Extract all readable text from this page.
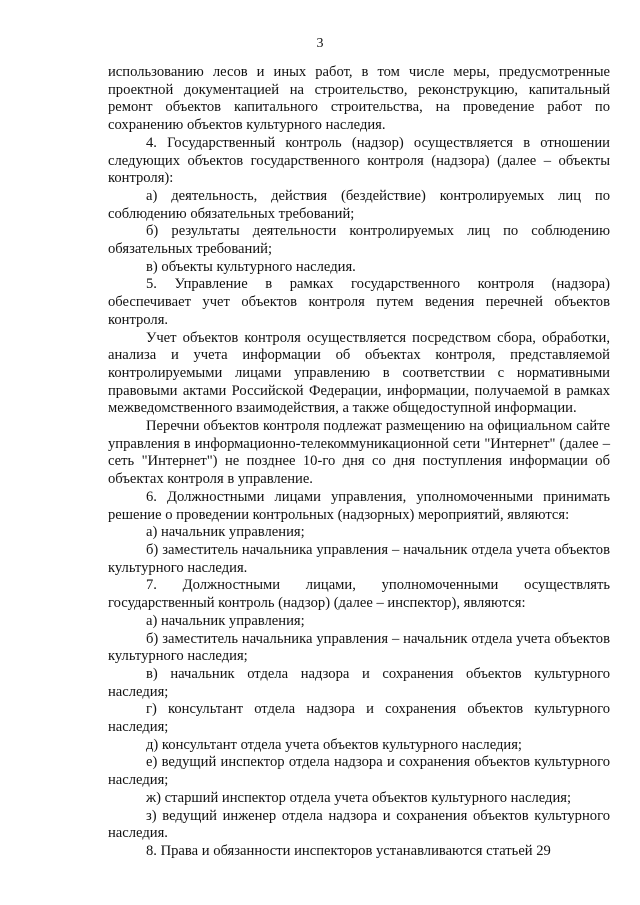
3

использованию лесов и иных работ, в том числе меры, предусмотренные проектной документацией на строительство, реконструкцию, капитальный ремонт объектов капитального строительства, на проведение работ по сохранению объектов культурного наследия.

4. Государственный контроль (надзор) осуществляется в отношении следующих объектов государственного контроля (надзора) (далее – объекты контроля):

а) деятельность, действия (бездействие) контролируемых лиц по соблюдению обязательных требований;

б) результаты деятельности контролируемых лиц по соблюдению обязательных требований;

в) объекты культурного наследия.

5. Управление в рамках государственного контроля (надзора) обеспечивает учет объектов контроля путем ведения перечней объектов контроля.

Учет объектов контроля осуществляется посредством сбора, обработки, анализа и учета информации об объектах контроля, представляемой контролируемыми лицами управлению в соответствии с нормативными правовыми актами Российской Федерации, информации, получаемой в рамках межведомственного взаимодействия, а также общедоступной информации.

Перечни объектов контроля подлежат размещению на официальном сайте управления в информационно-телекоммуникационной сети "Интернет" (далее – сеть "Интернет") не позднее 10-го дня со дня поступления информации об объектах контроля в управление.

6. Должностными лицами управления, уполномоченными принимать решение о проведении контрольных (надзорных) мероприятий, являются:

а) начальник управления;

б) заместитель начальника управления – начальник отдела учета объектов культурного наследия.

7. Должностными лицами, уполномоченными осуществлять государственный контроль (надзор) (далее – инспектор), являются:

а) начальник управления;

б) заместитель начальника управления – начальник отдела учета объектов культурного наследия;

в) начальник отдела надзора и сохранения объектов культурного наследия;

г) консультант отдела надзора и сохранения объектов культурного наследия;

д) консультант отдела учета объектов культурного наследия;

е) ведущий инспектор отдела надзора и сохранения объектов культурного наследия;

ж) старший инспектор отдела учета объектов культурного наследия;

з) ведущий инженер отдела надзора и сохранения объектов культурного наследия.

8. Права и обязанности инспекторов устанавливаются статьей 29
